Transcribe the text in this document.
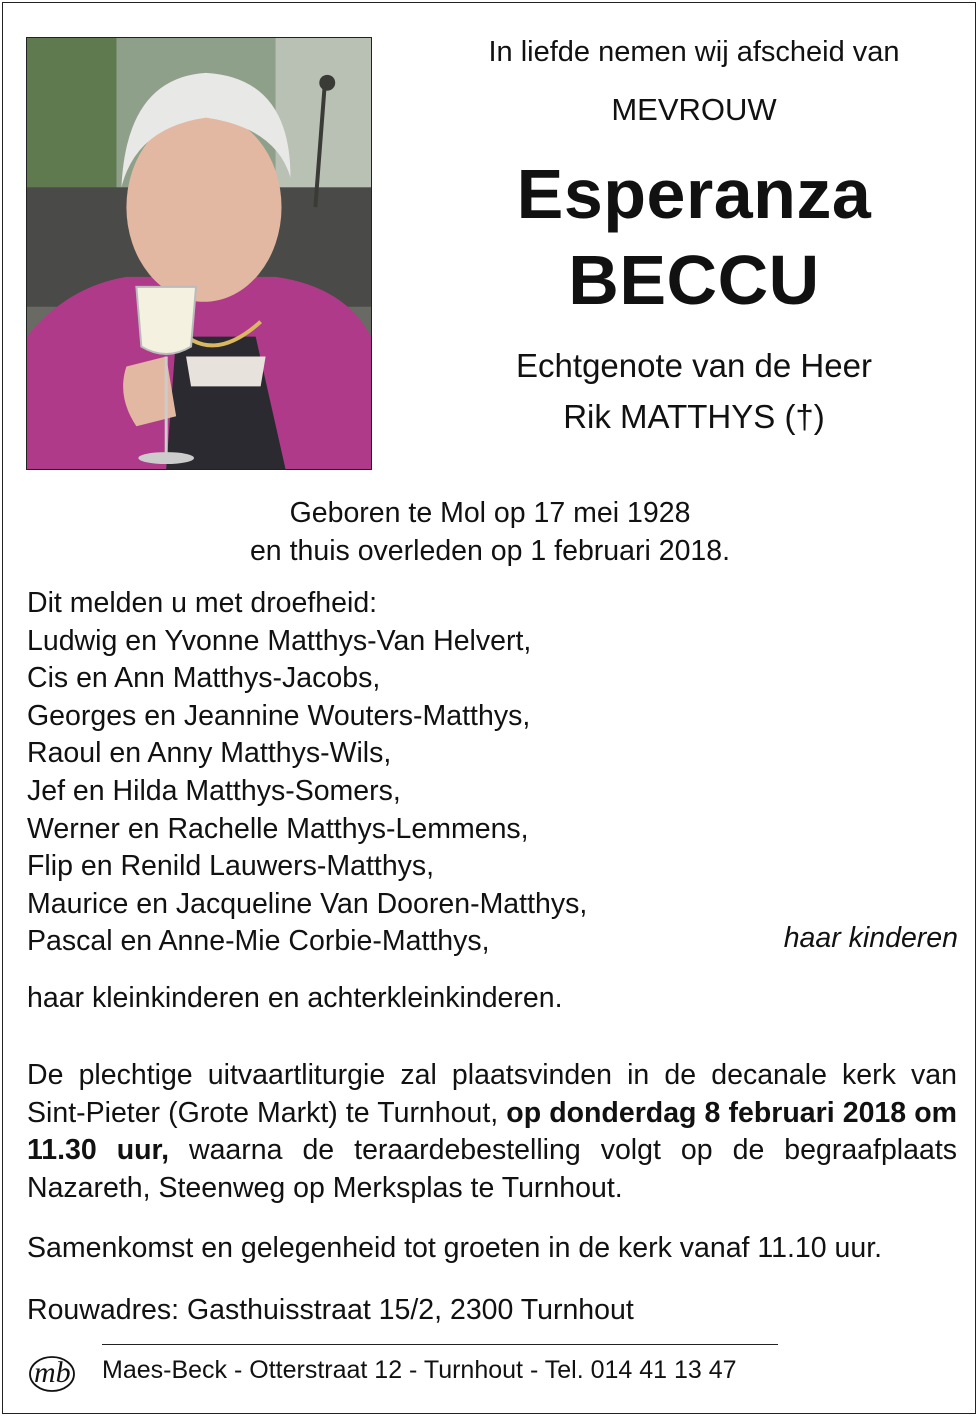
In liefde nemen wij afscheid van
MEVROUW
Esperanza
BECCU
Echtgenote van de Heer
Rik MATTHYS (†)
Geboren te Mol op 17 mei 1928
en thuis overleden op 1 februari 2018.
Dit melden u met droefheid:
Ludwig en Yvonne Matthys-Van Helvert,
Cis en Ann Matthys-Jacobs,
Georges en Jeannine Wouters-Matthys,
Raoul en Anny Matthys-Wils,
Jef en Hilda Matthys-Somers,
Werner en Rachelle Matthys-Lemmens,
Flip en Renild Lauwers-Matthys,
Maurice en Jacqueline Van Dooren-Matthys,
Pascal en Anne-Mie Corbie-Matthys,	haar kinderen
haar kleinkinderen en achterkleinkinderen.
De plechtige uitvaartliturgie zal plaatsvinden in de decanale kerk van Sint-Pieter (Grote Markt) te Turnhout, op donderdag 8 februari 2018 om 11.30 uur, waarna de teraardebestelling volgt op de begraafplaats Nazareth, Steenweg op Merksplas te Turnhout.
Samenkomst en gelegenheid tot groeten in de kerk vanaf 11.10 uur.
Rouwadres: Gasthuisstraat 15/2, 2300 Turnhout
mb Maes-Beck - Otterstraat 12 - Turnhout - Tel. 014 41 13 47
